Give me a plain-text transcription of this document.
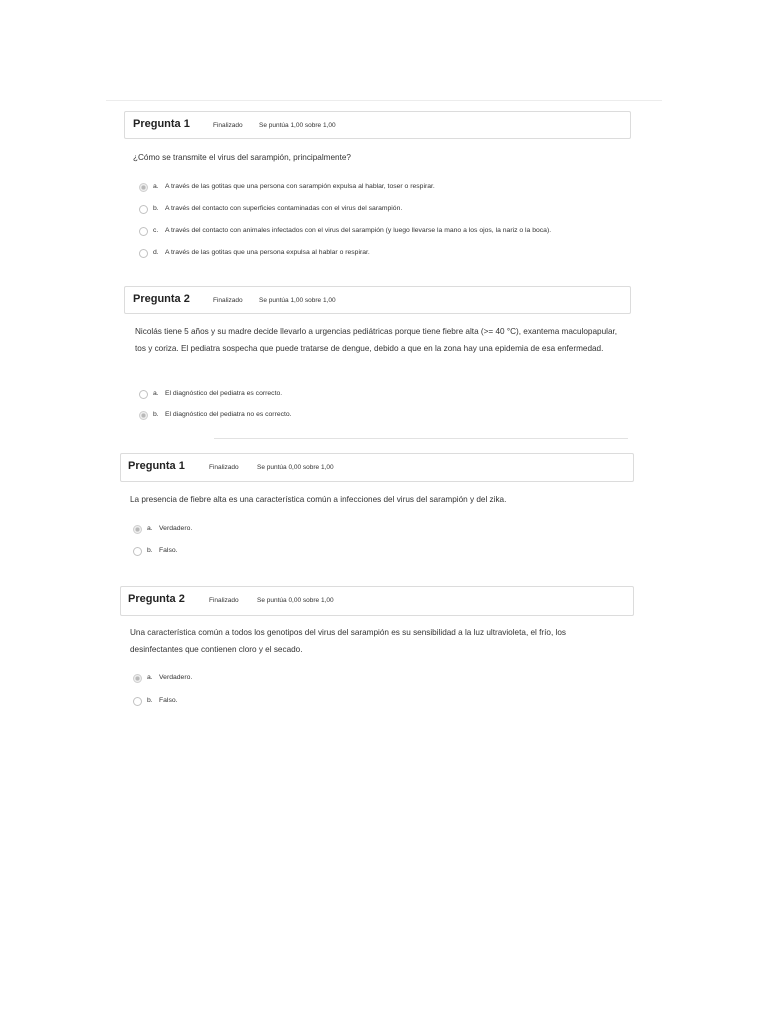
Pregunta 1	Finalizado	Se puntúa 1,00 sobre 1,00
¿Cómo se transmite el virus del sarampión, principalmente?
a. A través de las gotitas que una persona con sarampión expulsa al hablar, toser o respirar.
b. A través del contacto con superficies contaminadas con el virus del sarampión.
c. A través del contacto con animales infectados con el virus del sarampión (y luego llevarse la mano a los ojos, la nariz o la boca).
d. A través de las gotitas que una persona expulsa al hablar o respirar.
Pregunta 2	Finalizado	Se puntúa 1,00 sobre 1,00
Nicolás tiene 5 años y su madre decide llevarlo a urgencias pediátricas porque tiene fiebre alta (>= 40 °C), exantema maculopapular, tos y coriza. El pediatra sospecha que puede tratarse de dengue, debido a que en la zona hay una epidemia de esa enfermedad.
a. El diagnóstico del pediatra es correcto.
b. El diagnóstico del pediatra no es correcto.
Pregunta 1	Finalizado	Se puntúa 0,00 sobre 1,00
La presencia de fiebre alta es una característica común a infecciones del virus del sarampión y del zika.
a. Verdadero.
b. Falso.
Pregunta 2	Finalizado	Se puntúa 0,00 sobre 1,00
Una característica común a todos los genotipos del virus del sarampión es su sensibilidad a la luz ultravioleta, el frío, los desinfectantes que contienen cloro y el secado.
a. Verdadero.
b. Falso.
